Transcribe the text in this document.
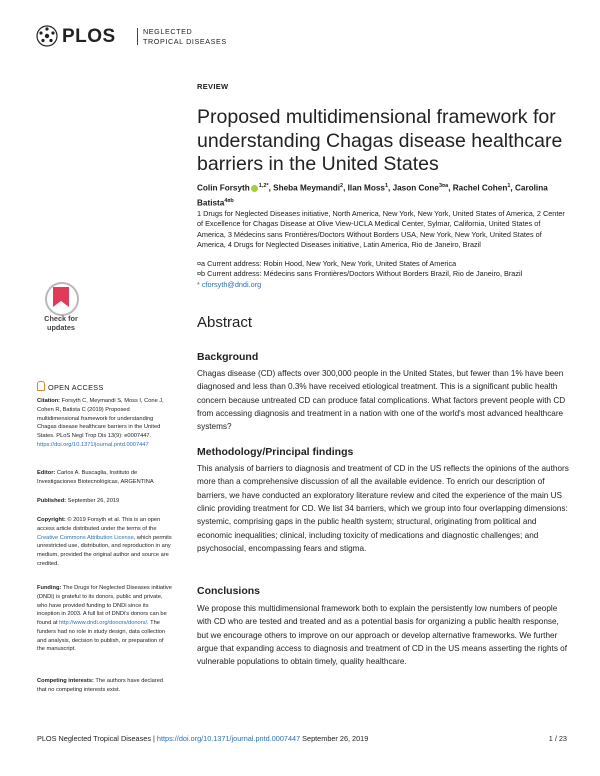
PLOS	NEGLECTED
TROPICAL DISEASES
REVIEW
Proposed multidimensional framework for understanding Chagas disease healthcare barriers in the United States
Colin Forsyth $^{1,2*}$, Sheba Meymandi$^2$, Ilan Moss$^1$, Jason Cone$^{3¤a}$, Rachel Cohen$^1$, Carolina Batista$^{4¤b}$
1 Drugs for Neglected Diseases initiative, North America, New York, New York, United States of America, 2 Center of Excellence for Chagas Disease at Olive View-UCLA Medical Center, Sylmar, California, United States of America, 3 Médecins sans Frontières/Doctors Without Borders USA, New York, New York, United States of America, 4 Drugs for Neglected Diseases initiative, Latin America, Rio de Janeiro, Brazil
¤a Current address: Robin Hood, New York, New York, United States of America
¤b Current address: Médecins sans Frontières/Doctors Without Borders Brazil, Rio de Janeiro, Brazil
* cforsyth@dndi.org
Abstract
Background

Chagas disease (CD) affects over 300,000 people in the United States, but fewer than 1% have been diagnosed and less than 0.3% have received etiological treatment. This is a significant public health concern because untreated CD can produce fatal complications. What factors prevent people with CD from accessing diagnosis and treatment in a nation with one of the world's most advanced healthcare systems?

Methodology/Principal findings

This analysis of barriers to diagnosis and treatment of CD in the US reflects the opinions of the authors more than a comprehensive discussion of all the available evidence. To enrich our description of barriers, we have conducted an exploratory literature review and cited the experience of the main US clinic providing treatment for CD. We list 34 barriers, which we group into four overlapping dimensions: systemic, comprising gaps in the public health system; structural, originating from political and economic inequalities; clinical, including toxicity of medications and diagnostic challenges; and psychosocial, encompassing fears and stigma.

Conclusions

We propose this multidimensional framework both to explain the persistently low numbers of people with CD who are tested and treated and as a potential basis for organizing a public health response, but we encourage others to improve on our approach or develop alternative frameworks. We further argue that expanding access to diagnosis and treatment of CD in the US means asserting the rights of vulnerable populations to obtain timely, quality healthcare.

Check for
updates
OPEN ACCESS
Citation: Forsyth C, Meymandi S, Moss I, Cone J, Cohen R, Batista C (2019) Proposed multidimensional framework for understanding Chagas disease healthcare barriers in the United States. PLoS Negl Trop Dis 13(9): e0007447. https://doi.org/10.1371/journal.pntd.0007447
Editor: Carlos A. Buscaglia, Instituto de Investigaciones Biotecnológicas, ARGENTINA
Published: September 26, 2019
Copyright: © 2019 Forsyth et al. This is an open access article distributed under the terms of the Creative Commons Attribution License, which permits unrestricted use, distribution, and reproduction in any medium, provided the original author and source are credited.
Funding: The Drugs for Neglected Diseases initiative (DNDi) is grateful to its donors, public and private, who have provided funding to DNDi since its inception in 2003. A full list of DNDi's donors can be found at http://www.dndi.org/donors/donors/. The funders had no role in study design, data collection and analysis, decision to publish, or preparation of the manuscript.
Competing interests: The authors have declared that no competing interests exist.
PLOS Neglected Tropical Diseases | https://doi.org/10.1371/journal.pntd.0007447 September 26, 2019	1 / 23
